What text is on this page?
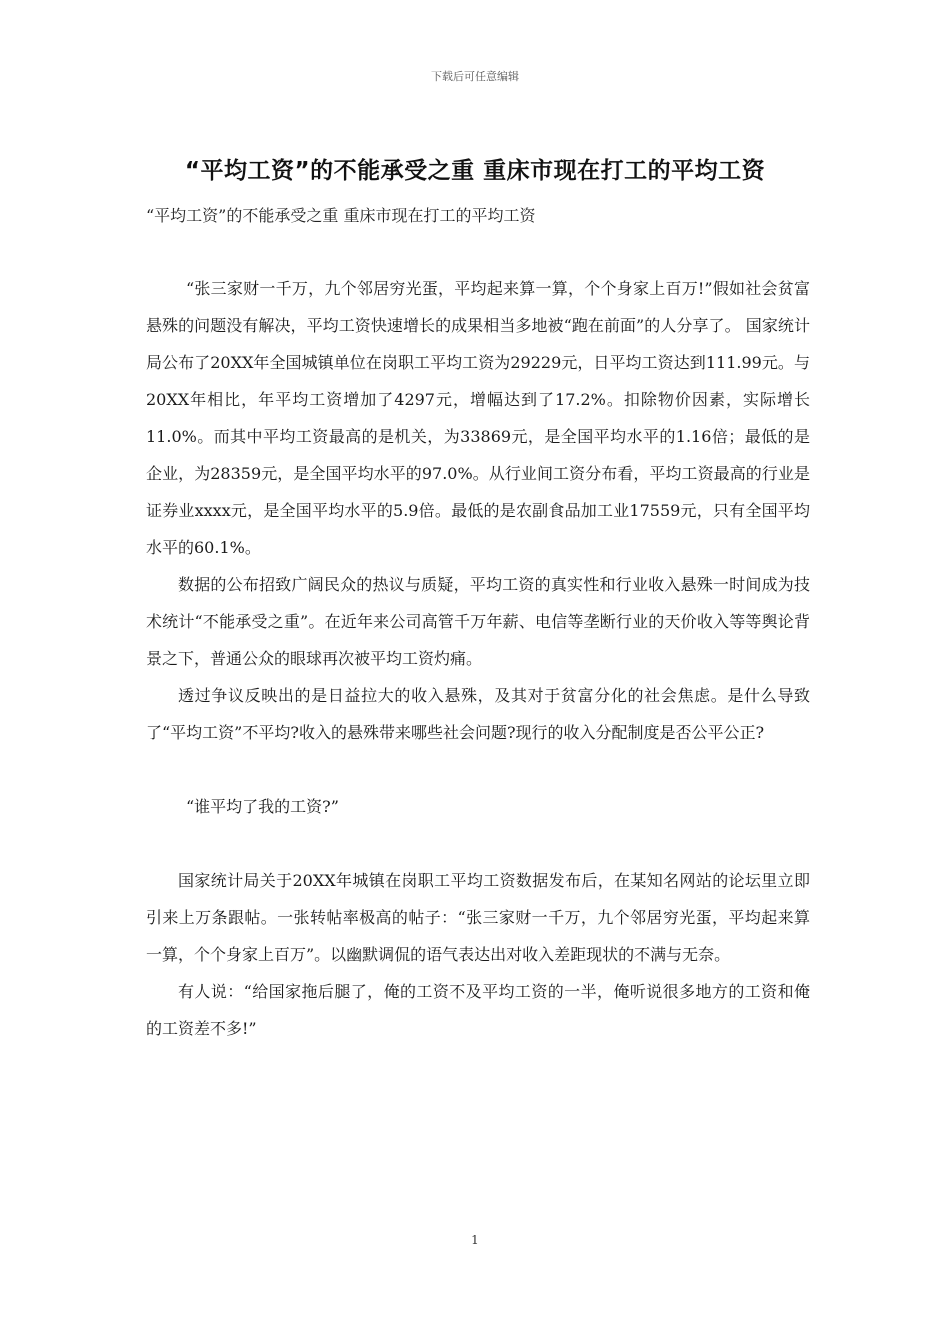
下载后可任意编辑
“平均工资”的不能承受之重 重床市现在打工的平均工资
“平均工资”的不能承受之重 重床市现在打工的平均工资

“张三家财一千万，九个邻居穷光蛋，平均起来算一算，个个身家上百万!”假如社会贫富悬殊的问题没有解决，平均工资快速增长的成果相当多地被“跑在前面”的人分享了。 国家统计局公布了20XX年全国城镇单位在岗职工平均工资为29229元，日平均工资达到111.99元。与20XX年相比，年平均工资增加了4297元，增幅达到了17.2%。扣除物价因素，实际增长11.0%。而其中平均工资最高的是机关，为33869元，是全国平均水平的1.16倍；最低的是企业，为28359元，是全国平均水平的97.0%。从行业间工资分布看，平均工资最高的行业是证券业xxxx元，是全国平均水平的5.9倍。最低的是农副食品加工业17559元，只有全国平均水平的60.1%。

数据的公布招致广阔民众的热议与质疑，平均工资的真实性和行业收入悬殊一时间成为技术统计“不能承受之重”。在近年来公司高管千万年薪、电信等垄断行业的天价收入等等舆论背景之下，普通公众的眼球再次被平均工资灼痛。

透过争议反映出的是日益拉大的收入悬殊，及其对于贫富分化的社会焦虑。是什么导致了“平均工资”不平均?收入的悬殊带来哪些社会问题?现行的收入分配制度是否公平公正?

“谁平均了我的工资?”

国家统计局关于20XX年城镇在岗职工平均工资数据发布后，在某知名网站的论坛里立即引来上万条跟帖。一张转帖率极高的帖子：“张三家财一千万，九个邻居穷光蛋，平均起来算一算，个个身家上百万”。以幽默调侃的语气表达出对收入差距现状的不满与无奈。

有人说：“给国家拖后腿了，俺的工资不及平均工资的一半，俺听说很多地方的工资和俺的工资差不多!”

1
